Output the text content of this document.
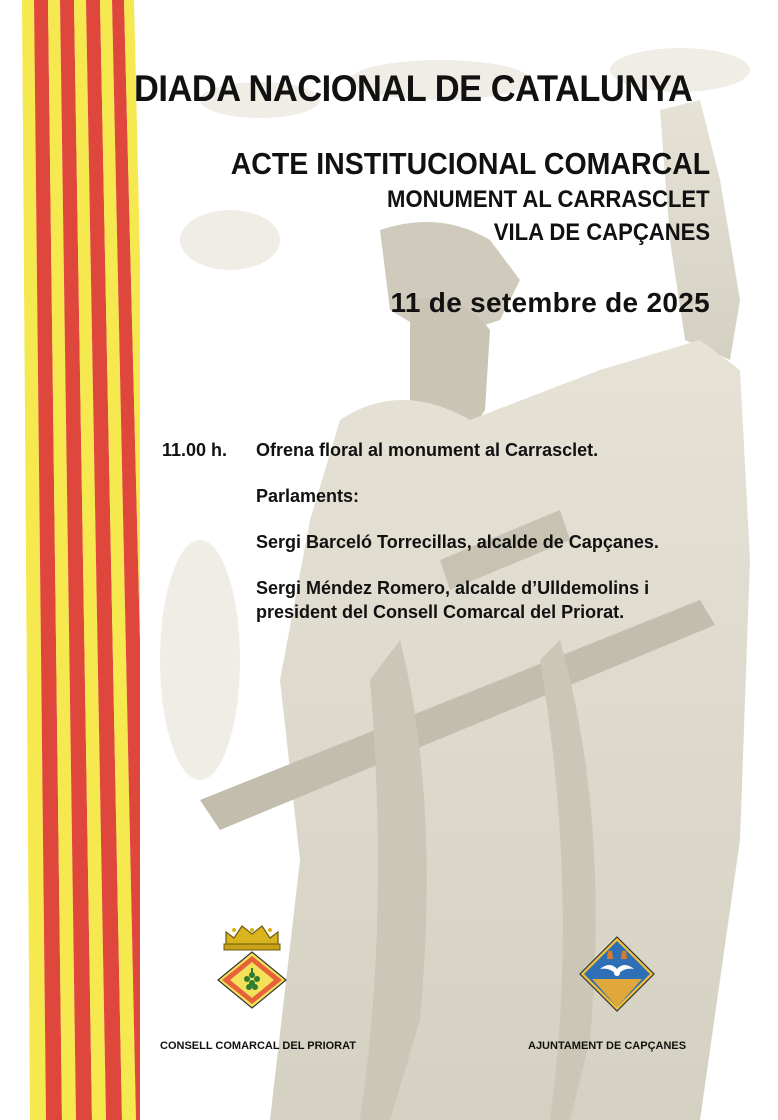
DIADA NACIONAL DE CATALUNYA
ACTE INSTITUCIONAL COMARCAL
MONUMENT AL CARRASCLET
VILA DE CAPÇANES
11 de setembre de 2025
11.00 h. Ofrena floral al monument al Carrasclet.
Parlaments:
Sergi Barceló Torrecillas, alcalde de Capçanes.
Sergi Méndez Romero, alcalde d’Ulldemolins i
president del Consell Comarcal del Priorat.
CONSELL COMARCAL DEL PRIORAT	AJUNTAMENT DE CAPÇANES
